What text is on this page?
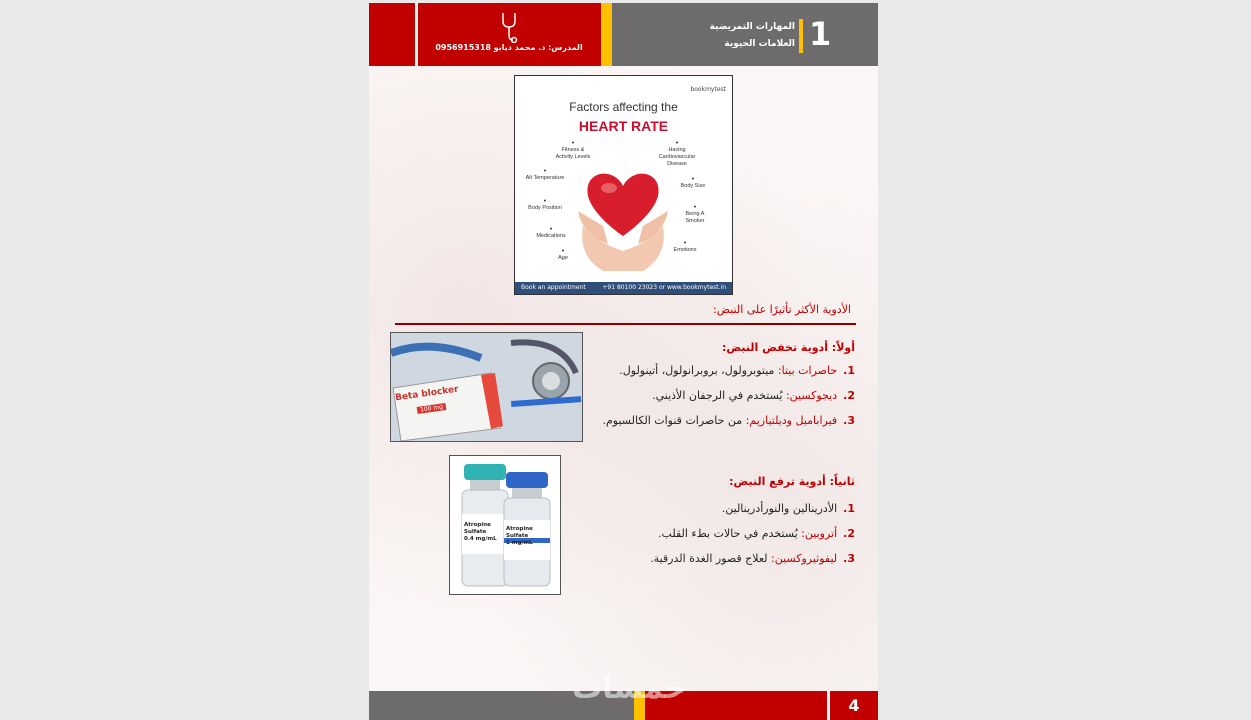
المدرس: د. محمد ديابو 0956915318
المهارات التمريضية
العلامات الحيوية 1
bookmytest
Factors affecting the
HEART RATE
• Fitness & Activity Levels
• Alt Temperature
• Body Position
• Medications
• Age
• Having Cardiovascular Disease
• Body Size
• Being A Smoker
• Emotions
Book an appointment	+91 80100 23023 or www.bookmytest.in
الأدوية الأكثر تأثيرًا على النبض:
Beta blocker
100 mg
أولاً: أدوية تخفض النبض:
1.حاصرات بيتا: ميتوبرولول، بروبرانولول، أتينولول.
2.ديجوكسين: يُستخدم في الرجفان الأذيني.
3.فيراباميل وديلتيازيم: من حاصرات قنوات الكالسيوم.
Atropine Sulfate
0.4 mg/mL
Atropine Sulfate
1 mg/mL
ثانياً: أدوية ترفع النبض:
1.الأدرينالين والنورأدرينالين.
2.أتروبين: يُستخدم في حالات بطء القلب.
3.ليفوثيروكسين: لعلاج قصور الغدة الدرقية.
4
خمسات
